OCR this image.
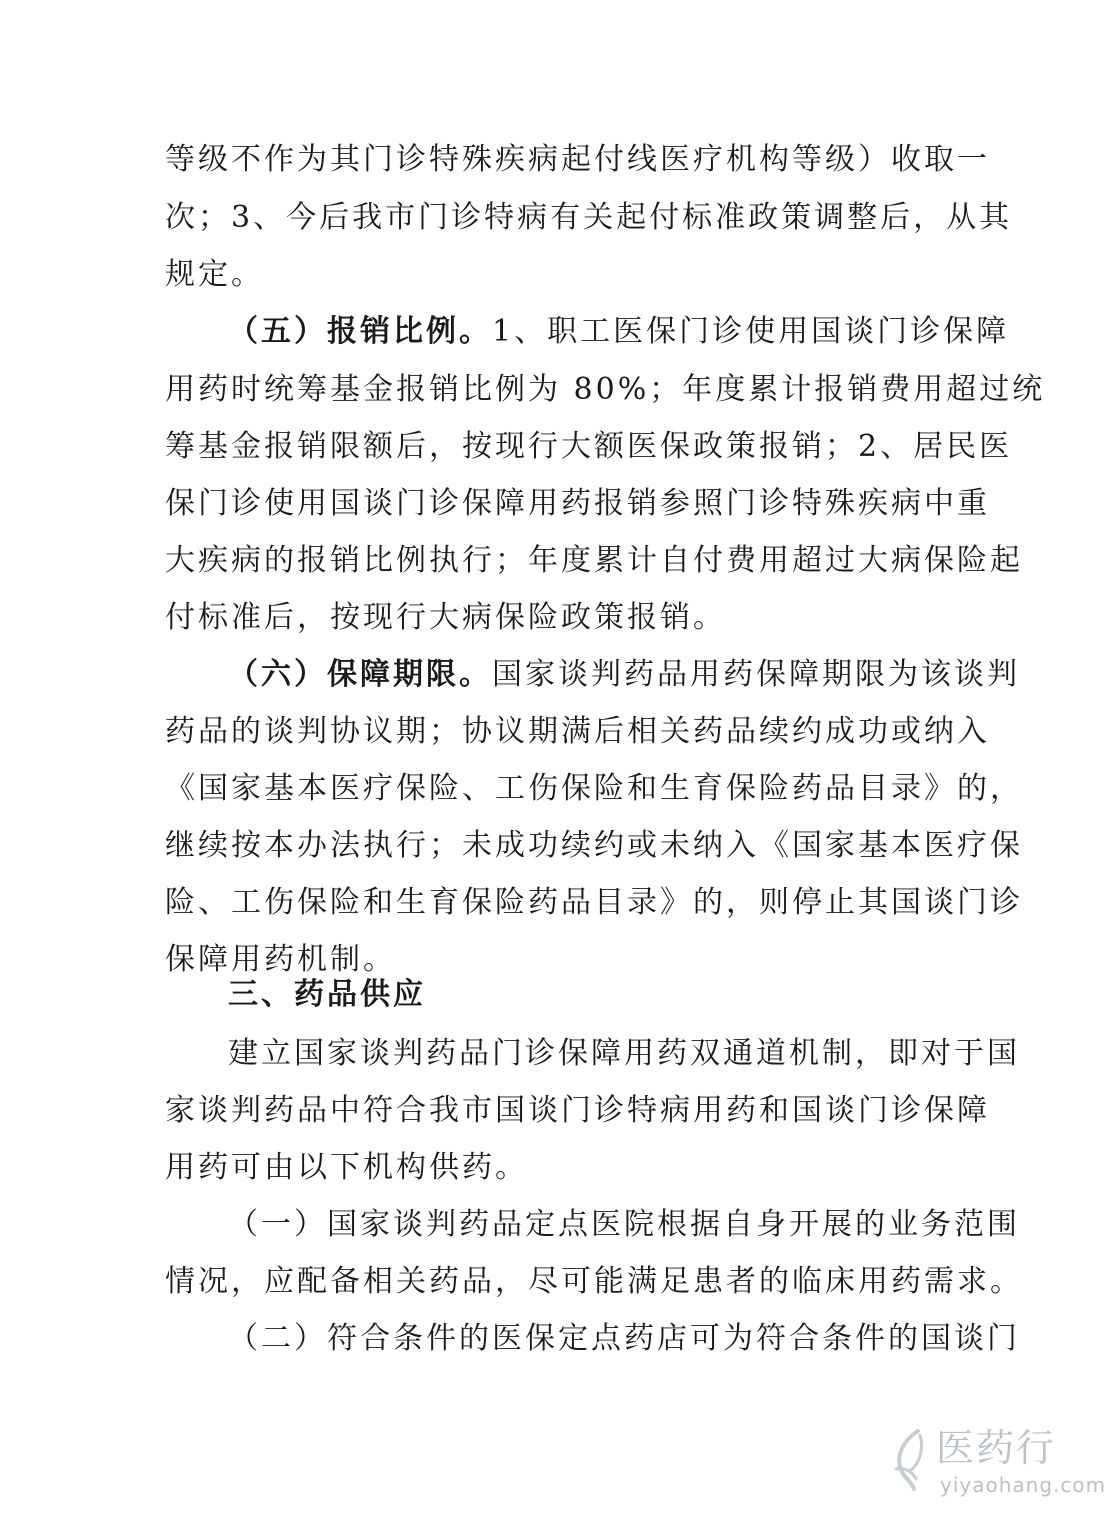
等级不作为其门诊特殊疾病起付线医疗机构等级）收取一
次；3、今后我市门诊特病有关起付标准政策调整后，从其
规定。
（五）报销比例。1、职工医保门诊使用国谈门诊保障
用药时统筹基金报销比例为 80%；年度累计报销费用超过统
筹基金报销限额后，按现行大额医保政策报销；2、居民医
保门诊使用国谈门诊保障用药报销参照门诊特殊疾病中重
大疾病的报销比例执行；年度累计自付费用超过大病保险起
付标准后，按现行大病保险政策报销。
（六）保障期限。国家谈判药品用药保障期限为该谈判
药品的谈判协议期；协议期满后相关药品续约成功或纳入
《国家基本医疗保险、工伤保险和生育保险药品目录》的，
继续按本办法执行；未成功续约或未纳入《国家基本医疗保
险、工伤保险和生育保险药品目录》的，则停止其国谈门诊
保障用药机制。
三、药品供应
建立国家谈判药品门诊保障用药双通道机制，即对于国
家谈判药品中符合我市国谈门诊特病用药和国谈门诊保障
用药可由以下机构供药。
（一）国家谈判药品定点医院根据自身开展的业务范围
情况，应配备相关药品，尽可能满足患者的临床用药需求。
（二）符合条件的医保定点药店可为符合条件的国谈门
医药行
yiyaohang.com
